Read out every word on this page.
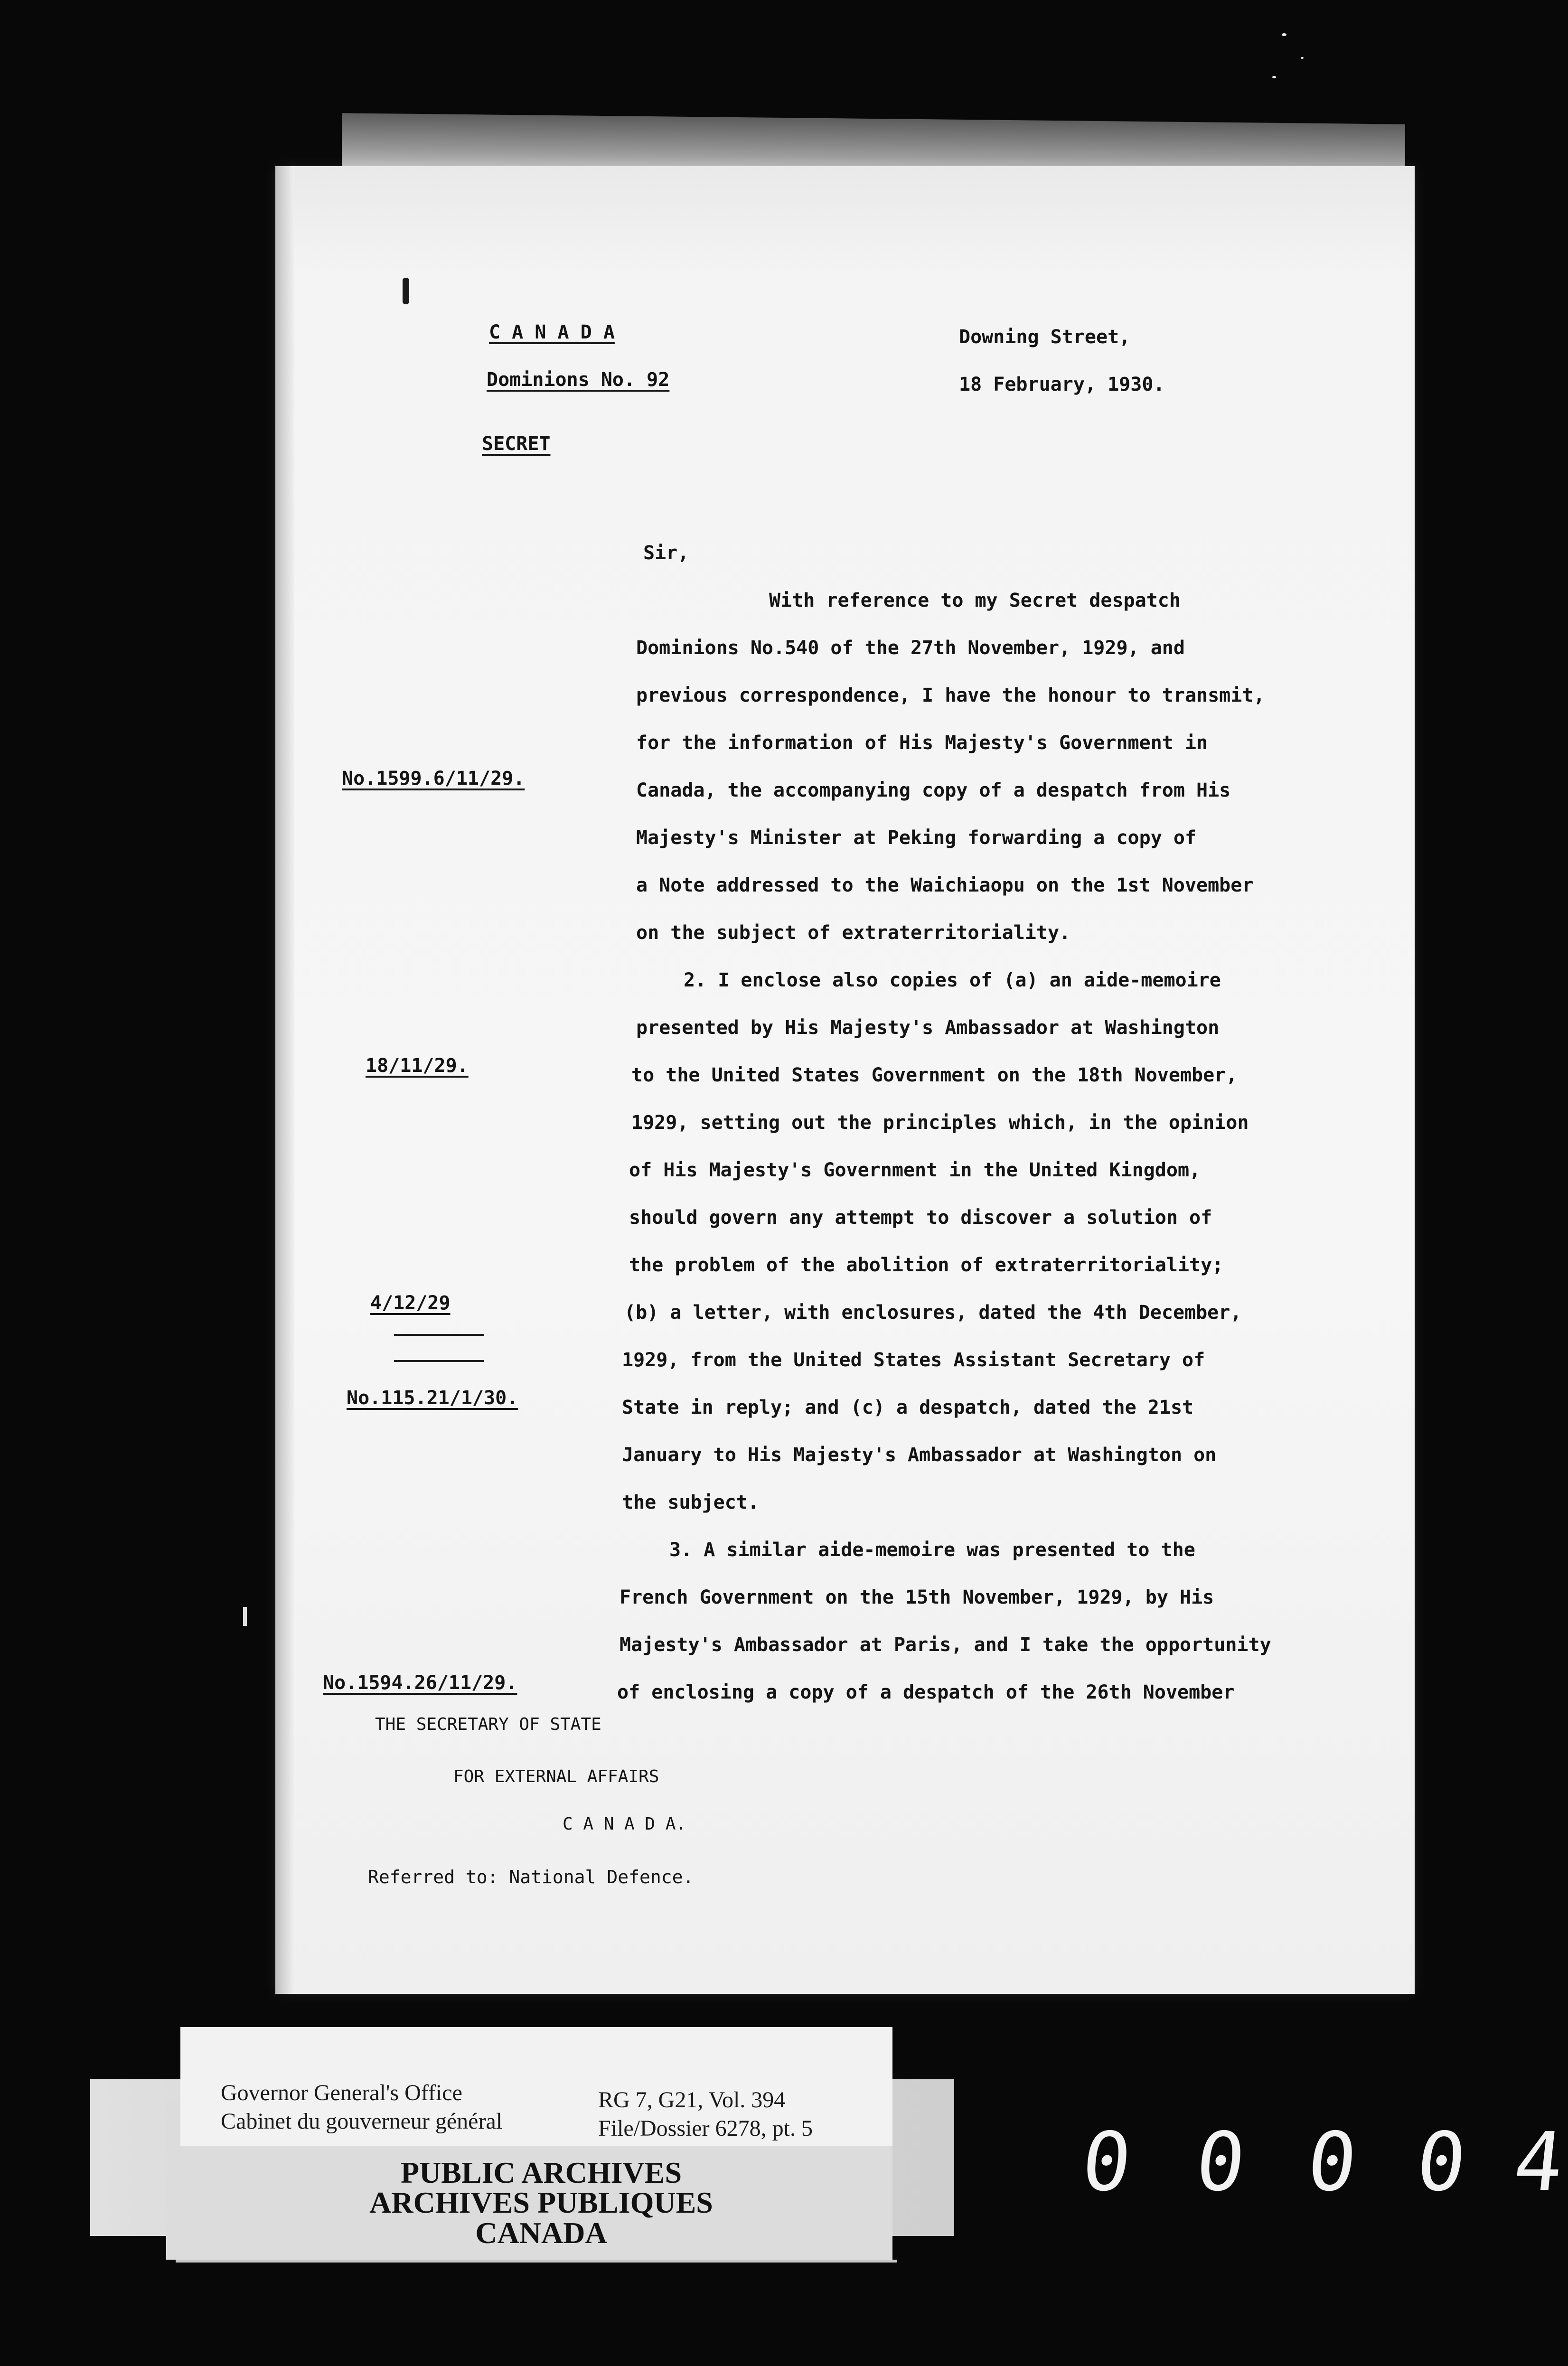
C A N A D A
Dominions No. 92
SECRET
Downing Street,
18 February, 1930.
Sir,
With reference to my Secret despatch
Dominions No.540 of the 27th November, 1929, and
previous correspondence, I have the honour to transmit,
for the information of His Majesty's Government in
Canada, the accompanying copy of a despatch from His
Majesty's Minister at Peking forwarding a copy of
a Note addressed to the Waichiaopu on the 1st November
on the subject of extraterritoriality.
2. I enclose also copies of (a) an aide-memoire
presented by His Majesty's Ambassador at Washington
to the United States Government on the 18th November,
1929, setting out the principles which, in the opinion
of His Majesty's Government in the United Kingdom,
should govern any attempt to discover a solution of
the problem of the abolition of extraterritoriality;
(b) a letter, with enclosures, dated the 4th December,
1929, from the United States Assistant Secretary of
State in reply; and (c) a despatch, dated the 21st
January to His Majesty's Ambassador at Washington on
the subject.
3. A similar aide-memoire was presented to the
French Government on the 15th November, 1929, by His
Majesty's Ambassador at Paris, and I take the opportunity
of enclosing a copy of a despatch of the 26th November
No.1599.6/11/29.
18/11/29.
4/12/29
No.115.21/1/30.
No.1594.26/11/29.
THE SECRETARY OF STATE
FOR EXTERNAL AFFAIRS
C A N A D A.
Referred to: National Defence.
Governor General's Office
Cabinet du gouverneur général
RG 7, G21, Vol. 394
File/Dossier 6278, pt. 5
PUBLIC ARCHIVES
ARCHIVES PUBLIQUES
CANADA
0 0 0 0 4
